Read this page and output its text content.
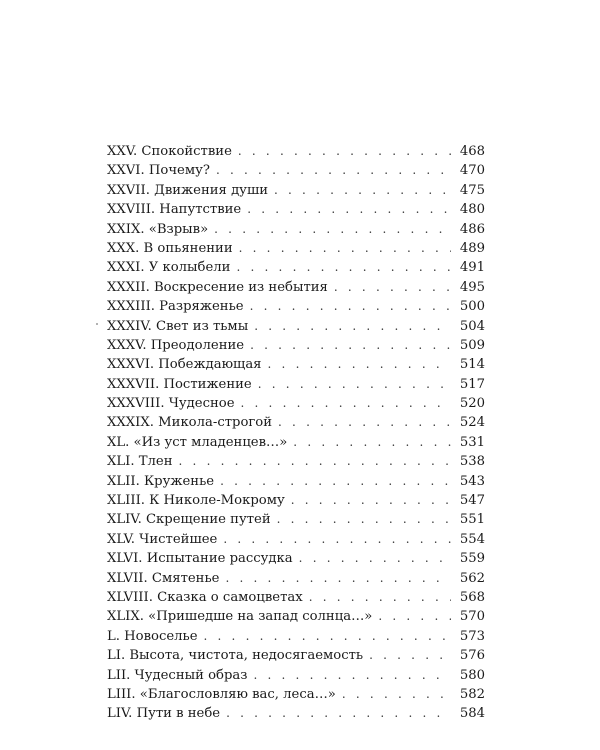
XXV. Спокойствие . . .	468
XXVI. Почему? . . .	470
XXVII. Движения души . . .	475
XXVIII. Напутствие . . .	480
XXIX. «Взрыв» . . .	486
XXX. В опьянении . . .	489
XXXI. У колыбели . . .	491
XXXII. Воскресение из небытия . . .	495
XXXIII. Разряженье . . .	500
XXXIV. Свет из тьмы . . .	504
XXXV. Преодоление . . .	509
XXXVI. Побеждающая . . .	514
XXXVII. Постижение . . .	517
XXXVIII. Чудесное . . .	520
XXXIX. Микола-строгой . . .	524
XL. «Из уст младенцев…» . . .	531
XLI. Тлен . . .	538
XLII. Круженье . . .	543
XLIII. К Николе-Мокрому . . .	547
XLIV. Скрещение путей . . .	551
XLV. Чистейшее . . .	554
XLVI. Испытание рассудка . . .	559
XLVII. Смятенье . . .	562
XLVIII. Сказка о самоцветах . . .	568
XLIX. «Пришедше на запад солнца…» . . .	570
L. Новоселье . . .	573
LI. Высота, чистота, недосягаемость . . .	576
LII. Чудесный образ . . .	580
LIII. «Благословляю вас, леса…» . . .	582
LIV. Пути в небе . . .	584
